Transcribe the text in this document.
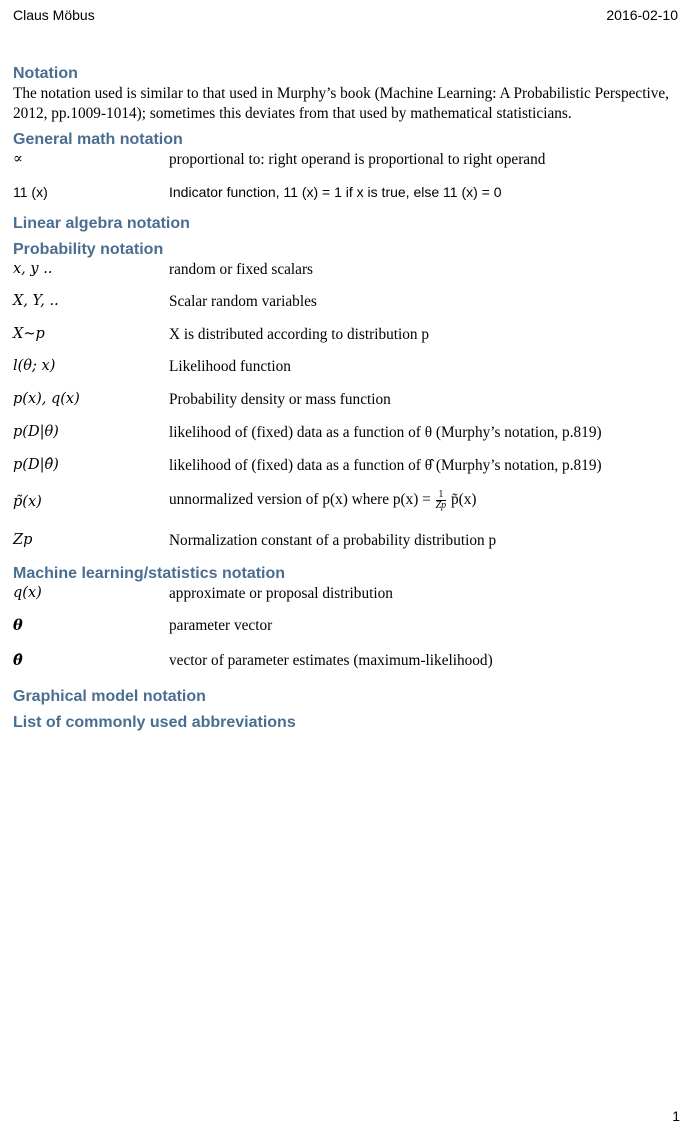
Claus Möbus	2016-02-10
Notation

The notation used is similar to that used in Murphy’s book (Machine Learning: A Probabilistic Perspective, 2012, pp.1009-1014); sometimes this deviates from that used by mathematical statisticians.

General math notation
∝	proportional to: right operand is proportional to right operand
11 (x)	Indicator function, 11 (x) = 1 if x is true, else 11 (x) = 0
Linear algebra notation
Probability notation
x, y ..	random or fixed scalars
X, Y, ..	Scalar random variables
X~p	X is distributed according to distribution p
l(θ; x)	Likelihood function
p(x), q(x)	Probability density or mass function
p(D|θ)	likelihood of (fixed) data as a function of θ (Murphy’s notation, p.819)
p(D|θ̂)	likelihood of (fixed) data as a function of θ̂ (Murphy’s notation, p.819)
p̃(x)	unnormalized version of p(x) where $p(x) = \frac{1}{Zp}$ p̃(x)
Zp	Normalization constant of a probability distribution p
Machine learning/statistics notation
q(x)	approximate or proposal distribution
θ	parameter vector
θ̂	vector of parameter estimates (maximum-likelihood)
Graphical model notation
List of commonly used abbreviations
1
